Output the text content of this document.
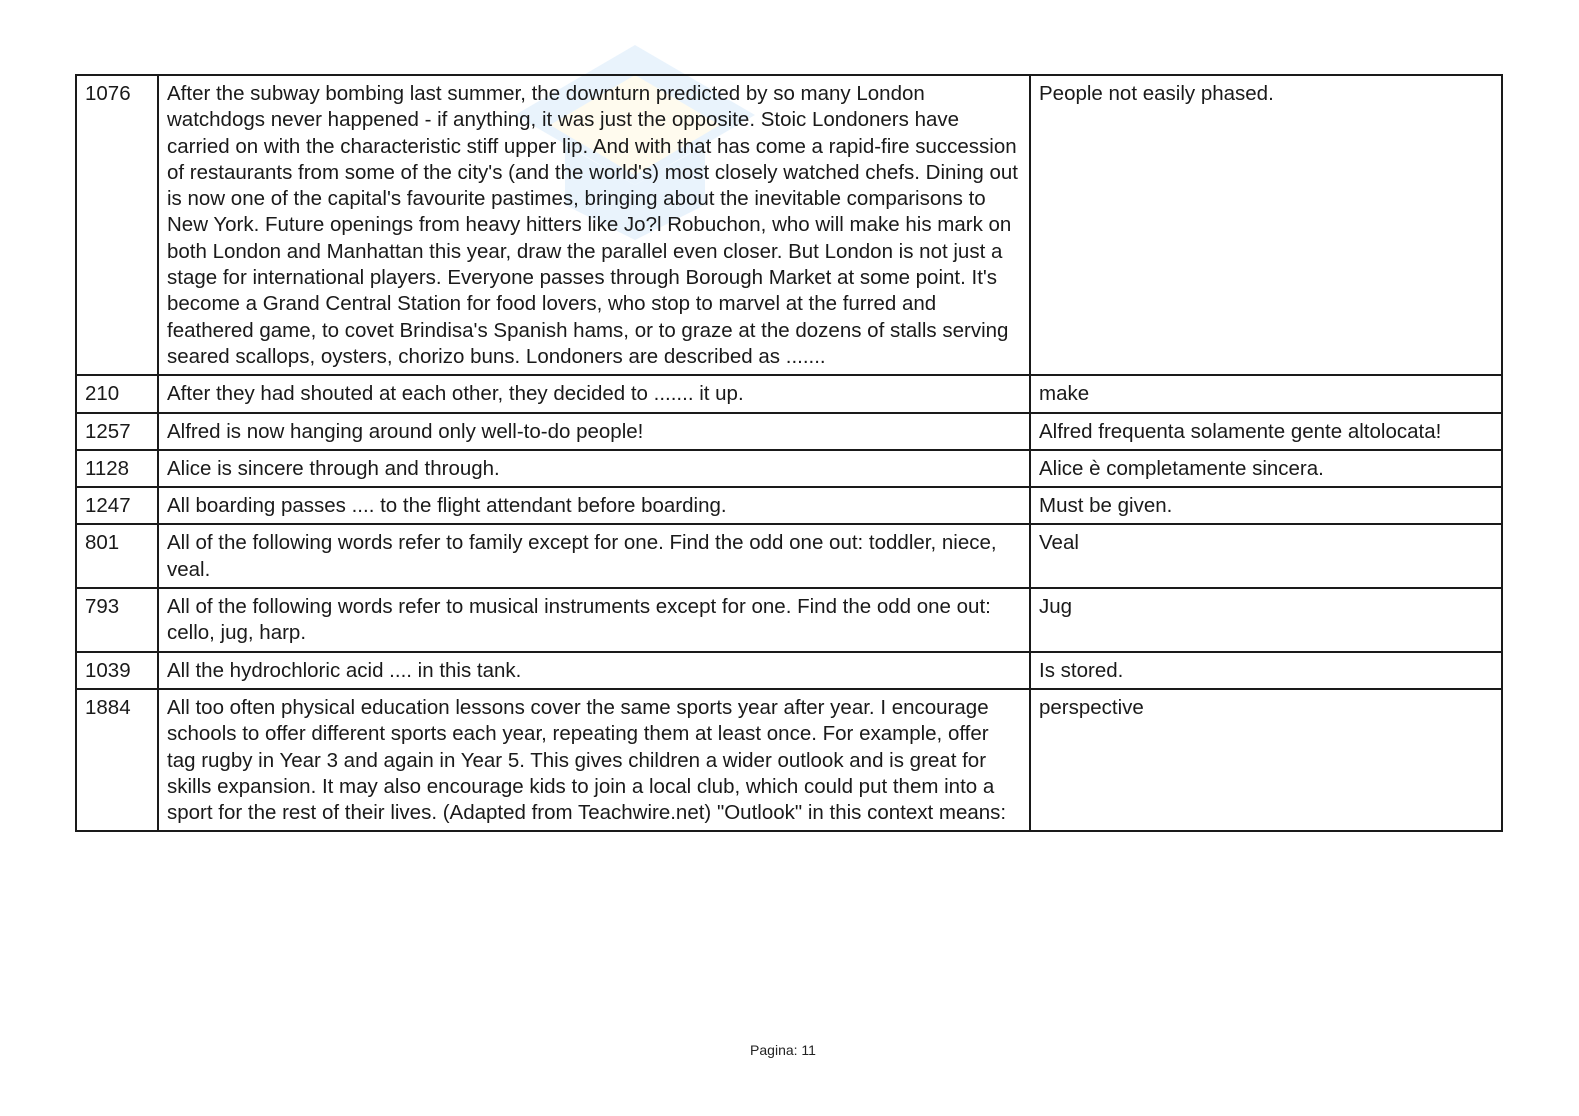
1076	After the subway bombing last summer, the downturn predicted by so many London watchdogs never happened - if anything, it was just the opposite. Stoic Londoners have carried on with the characteristic stiff upper lip. And with that has come a rapid-fire succession of restaurants from some of the city's (and the world's) most closely watched chefs. Dining out is now one of the capital's favourite pastimes, bringing about the inevitable comparisons to New York. Future openings from heavy hitters like Jo?l Robuchon, who will make his mark on both London and Manhattan this year, draw the parallel even closer. But London is not just a stage for international players. Everyone passes through Borough Market at some point. It's become a Grand Central Station for food lovers, who stop to marvel at the furred and feathered game, to covet Brindisa's Spanish hams, or to graze at the dozens of stalls serving seared scallops, oysters, chorizo buns. Londoners are described as .......	People not easily phased.
210	After they had shouted at each other, they decided to ....... it up.	make
1257	Alfred is now hanging around only well-to-do people!	Alfred frequenta solamente gente altolocata!
1128	Alice is sincere through and through.	Alice è completamente sincera.
1247	All boarding passes .... to the flight attendant before boarding.	Must be given.
801	All of the following words refer to family except for one. Find the odd one out: toddler, niece, veal.	Veal
793	All of the following words refer to musical instruments except for one. Find the odd one out: cello, jug, harp.	Jug
1039	All the hydrochloric acid .... in this tank.	Is stored.
1884	All too often physical education lessons cover the same sports year after year. I encourage schools to offer different sports each year, repeating them at least once. For example, offer tag rugby in Year 3 and again in Year 5. This gives children a wider outlook and is great for skills expansion. It may also encourage kids to join a local club, which could put them into a sport for the rest of their lives. (Adapted from Teachwire.net) "Outlook" in this context means:	perspective
Pagina: 11
